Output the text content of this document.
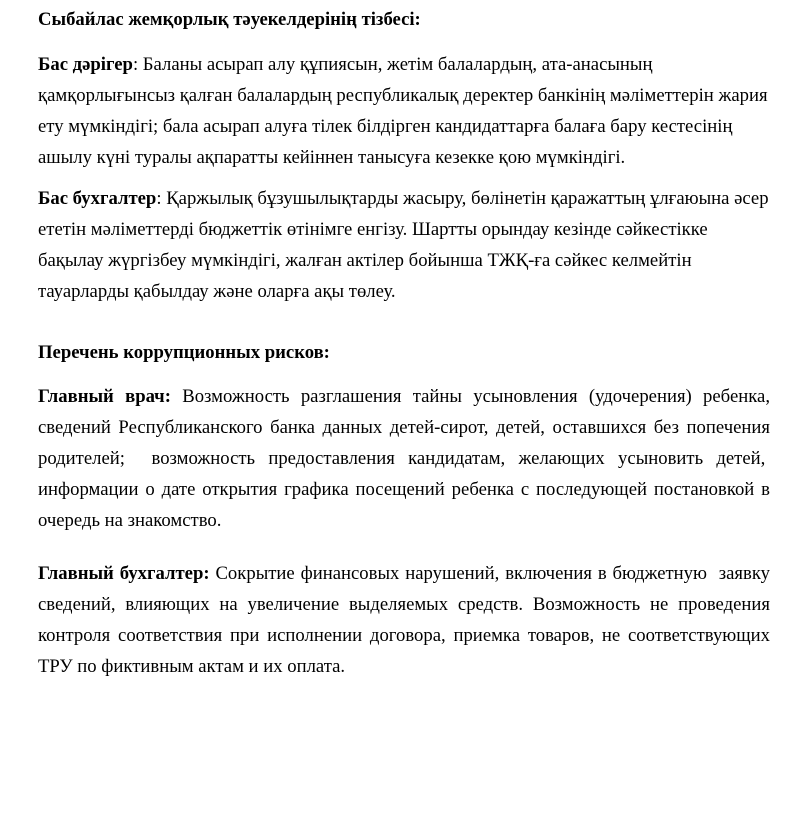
Сыбайлас жемқорлық тәуекелдерінің тізбесі:

Бас дәрігер: Баланы асырап алу құпиясын, жетім балалардың, ата-анасының қамқорлығынсыз қалған балалардың республикалық деректер банкінің мәліметтерін жария ету мүмкіндігі; бала асырап алуға тілек білдірген кандидаттарға балаға бару кестесінің ашылу күні туралы ақпаратты кейіннен танысуға кезекке қою мүмкіндігі.

Бас бухгалтер: Қаржылық бұзушылықтарды жасыру, бөлінетін қаражаттың ұлғаюына әсер ететін мәліметтерді бюджеттік өтінімге енгізу. Шартты орындау кезінде сәйкестікке бақылау жүргізбеу мүмкіндігі, жалған актілер бойынша ТЖҚ-ға сәйкес келмейтін тауарларды қабылдау және оларға ақы төлеу.

Перечень коррупционных рисков:

Главный врач: Возможность разглашения тайны усыновления (удочерения) ребенка, сведений Республиканского банка данных детей-сирот, детей, оставшихся без попечения родителей;  возможность предоставления кандидатам, желающих усыновить детей,  информации о дате открытия графика посещений ребенка с последующей постановкой в очередь на знакомство.

Главный бухгалтер: Сокрытие финансовых нарушений, включения в бюджетную  заявку сведений, влияющих на увеличение выделяемых средств. Возможность не проведения контроля соответствия при исполнении договора, приемка товаров, не соответствующих ТРУ по фиктивным актам и их оплата.
